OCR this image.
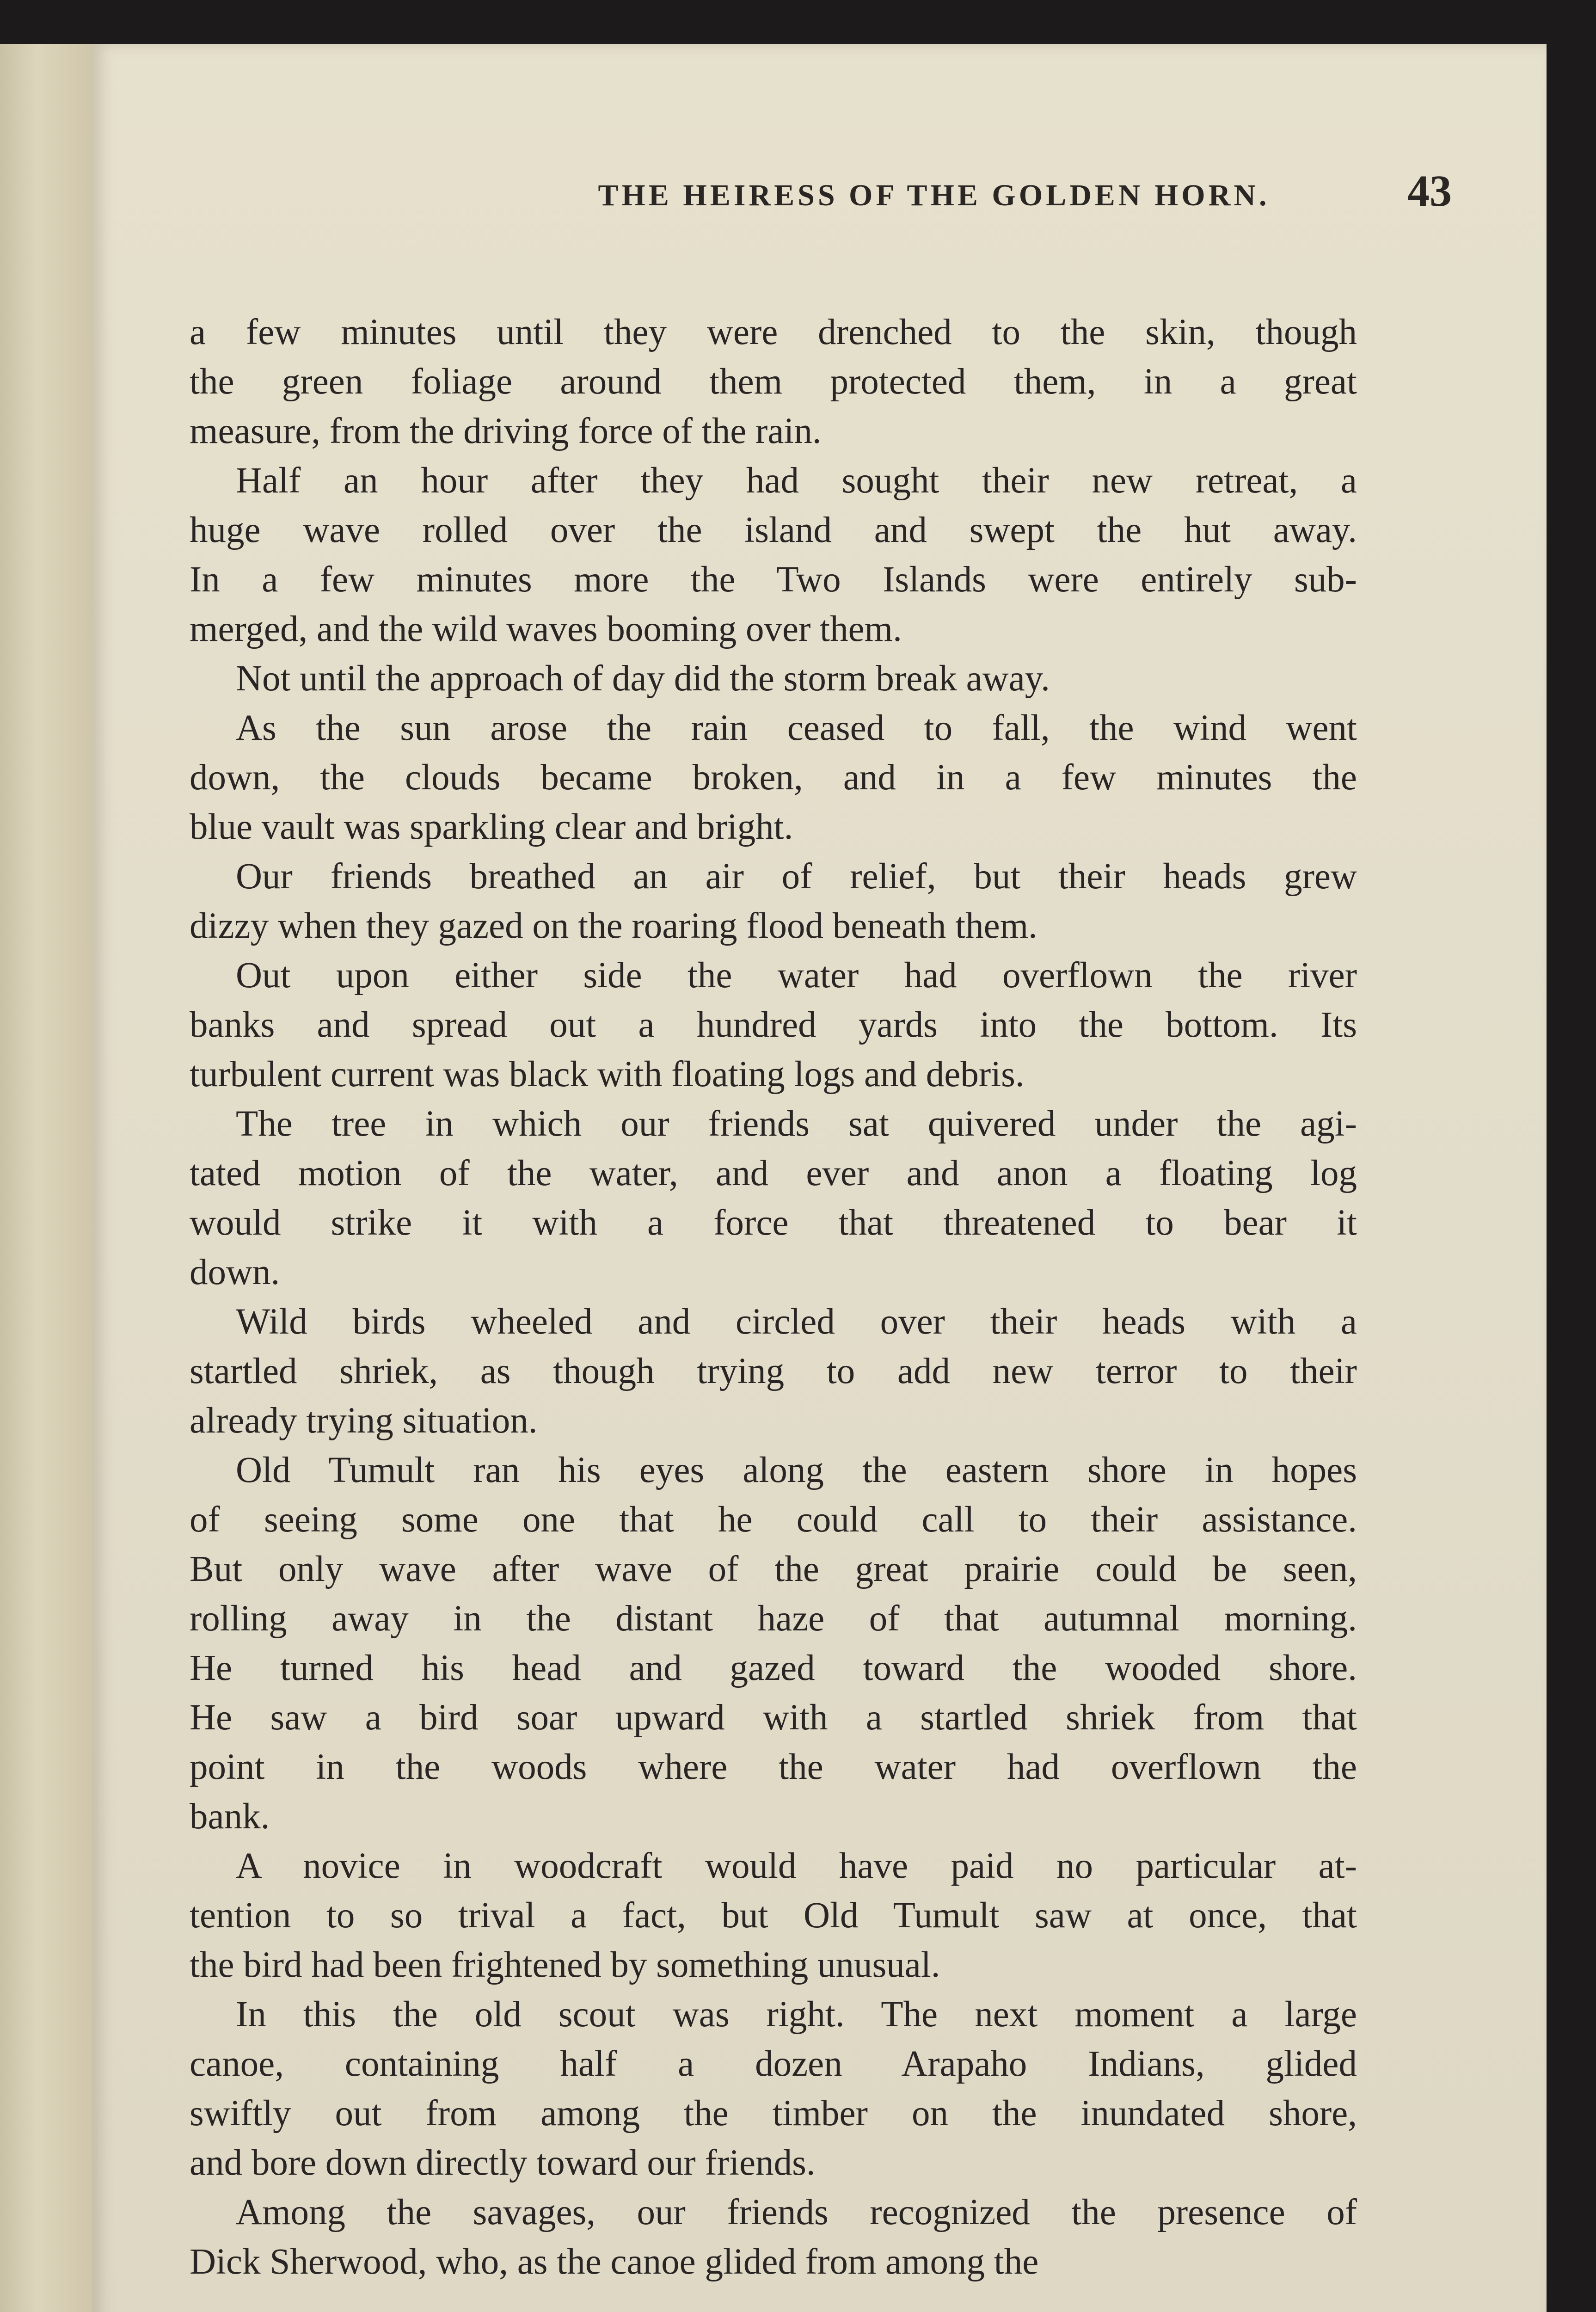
THE HEIRESS OF THE GOLDEN HORN.	43

a few minutes until they were drenched to the skin, though
the green foliage around them protected them, in a great
measure, from the driving force of the rain.

Half an hour after they had sought their new retreat, a
huge wave rolled over the island and swept the hut away.
In a few minutes more the Two Islands were entirely sub-
merged, and the wild waves booming over them.

Not until the approach of day did the storm break away.

As the sun arose the rain ceased to fall, the wind went
down, the clouds became broken, and in a few minutes the
blue vault was sparkling clear and bright.

Our friends breathed an air of relief, but their heads grew
dizzy when they gazed on the roaring flood beneath them.

Out upon either side the water had overflown the river
banks and spread out a hundred yards into the bottom. Its
turbulent current was black with floating logs and debris.

The tree in which our friends sat quivered under the agi-
tated motion of the water, and ever and anon a floating log
would strike it with a force that threatened to bear it
down.

Wild birds wheeled and circled over their heads with a
startled shriek, as though trying to add new terror to their
already trying situation.

Old Tumult ran his eyes along the eastern shore in hopes
of seeing some one that he could call to their assistance.
But only wave after wave of the great prairie could be seen,
rolling away in the distant haze of that autumnal morning.
He turned his head and gazed toward the wooded shore.
He saw a bird soar upward with a startled shriek from that
point in the woods where the water had overflown the
bank.

A novice in woodcraft would have paid no particular at-
tention to so trival a fact, but Old Tumult saw at once, that
the bird had been frightened by something unusual.

In this the old scout was right. The next moment a large
canoe, containing half a dozen Arapaho Indians, glided
swiftly out from among the timber on the inundated shore,
and bore down directly toward our friends.

Among the savages, our friends recognized the presence of
Dick Sherwood, who, as the canoe glided from among the
